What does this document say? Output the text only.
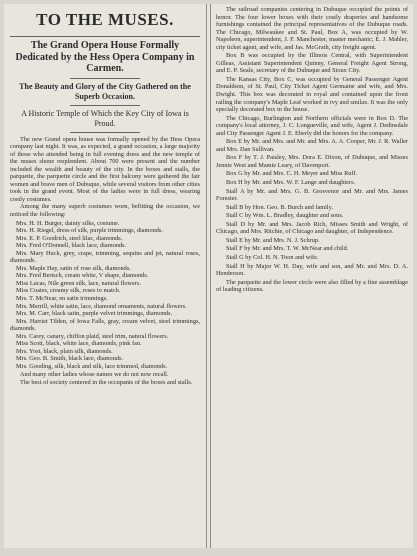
TO THE MUSES.
The Grand Opera House Formally Dedicated by the Hess Opera Company in Carmen.
The Beauty and Glory of the City Gathered on the Superb Occasion.
A Historic Temple of Which the Key City of Iowa is Proud.

The new Grand opera house was formally opened by the Hess Opera company last night. It was, as expected, a grand occasion, a large majority of those who attended being in full evening dress and the new temple of the muses shone resplendent. About 700 were present and the number included the wealth and beauty of the city. In the boxes and stalls, the parquette, the parquette circle and the first balcony were gathered the fair women and brave men of Dubuque, while several visitors from other cities took in the grand event. Most of the ladies were in full dress, wearing costly costumes.

Among the many superb costumes worn, befitting the occasion, we noticed the following:

Mrs. H. H. Burger, dainty silks, costume.
Mrs. H. Riegel, dress of silk, purple trimmings, diamonds.
Mrs. E. P. Goodrich, steel lilac, diamonds.
Mrs. Fred O'Donnell, black lace, diamonds.
Mrs. Mary Huck, grey, crape, trimming, sequins and jet, natural roses, diamonds.
Mrs. Maple Hay, satin of rose silk, diamonds.
Mrs. Fred Bertsch, cream white, V shape, diamonds.
Miss Lucas, Nile green silk, lace, natural flowers.
Miss Coates, creamy silk, roses to match.
Mrs. T. McNear, en satin trimmings.
Mrs. Merrill, white satin, lace, diamond ornaments, natural flowers.
Mrs. M. Carr, black satin, purple velvet trimmings, diamonds.
Mrs. Harriet Tilden, of Iowa Falls, gray, cream velvet, steel trimmings, diamonds.
Mrs. Carey, canary, chiffon plaid, steel trim, natural flowers.
Miss Scott, black, white lace, diamonds, pink fan.
Mrs. Yost, black, plain silk, diamonds.
Mrs. Geo. B. Smith, black lace, diamonds.
Mrs. Gooding, silk, black and silk, lace trimmed, diamonds.

And many other ladies whose names we do not now recall.

The best of society centered in the occupants of the boxes and stalls.

The railroad companies centering in Dubuque occupied the points of honor. The four lower boxes with their costly draperies and handsome furnishings contained the principal representatives of the Dubuque roads. The Chicago, Milwaukee and St. Paul, Box A, was occupied by W. Napoleon, superintendent, J. F. Manchester, master mechanic; E. J. Mahler, city ticket agent, and wife, and Jas. McGrath, city freight agent.

Box B was occupied by the Illinois Central, with Superintendent Gilleas, Assistant Superintendent Quinny, General Freight Agent Strong, and E. P. Seale, secretary of the Dubuque and Sioux City.

The Kansas City, Box C, was occupied by General Passenger Agent Donaldson, of St. Paul, City Ticket Agent Germaine and wife, and Mrs. Dwight. This box was decorated in royal and contained upon the front railing the company's Maple Leaf worked in ivy and smilax. It was the only specially decorated box in the house.

The Chicago, Burlington and Northern officials were in Box D. The company's local attorney, J. C. Longueville, and wife, Agent J. Dedinsdale and City Passenger Agent J. E. Eberly did the honors for the company.

Box E by Mr. and Mrs. and Mr. and Mrs. A. A. Cooper, Mr. J. R. Waller and Mrs. Dan Sullivan.

Box F by T. J. Paisley, Mrs. Dora E. Dixon, of Dubuque, and Misses Jennie West and Mamie Leary, of Davenport.

Box G by Mr. and Mrs. C. H. Meyer and Miss Ruff.

Box H by Mr. and Mrs. W. F. Lange and daughters.

Stall A by Mr. and Mrs. G. B. Grosvenor and Mr. and Mrs. James Forester.

Stall B by Hon. Geo. B. Burch and family.

Stall C by Wm. L. Bradley, daughter and sons.

Stall D by Mr. and Mrs. Jacob Rich, Misses Smith and Wright, of Chicago, and Mrs. Ritchie, of Chicago and daughter, of Independence.

Stall E by Mr. and Mrs. N. J. Schrup.

Stall F by Mr. and Mrs. T. W. McNear and child.

Stall G by Col. H. N. Toon and wife.

Stall H by Major W. H. Day, wife and son, and Mr. and Mrs. D. A. Henderson.

The parquette and the lower circle were also filled by a fine assemblage of leading citizens.
